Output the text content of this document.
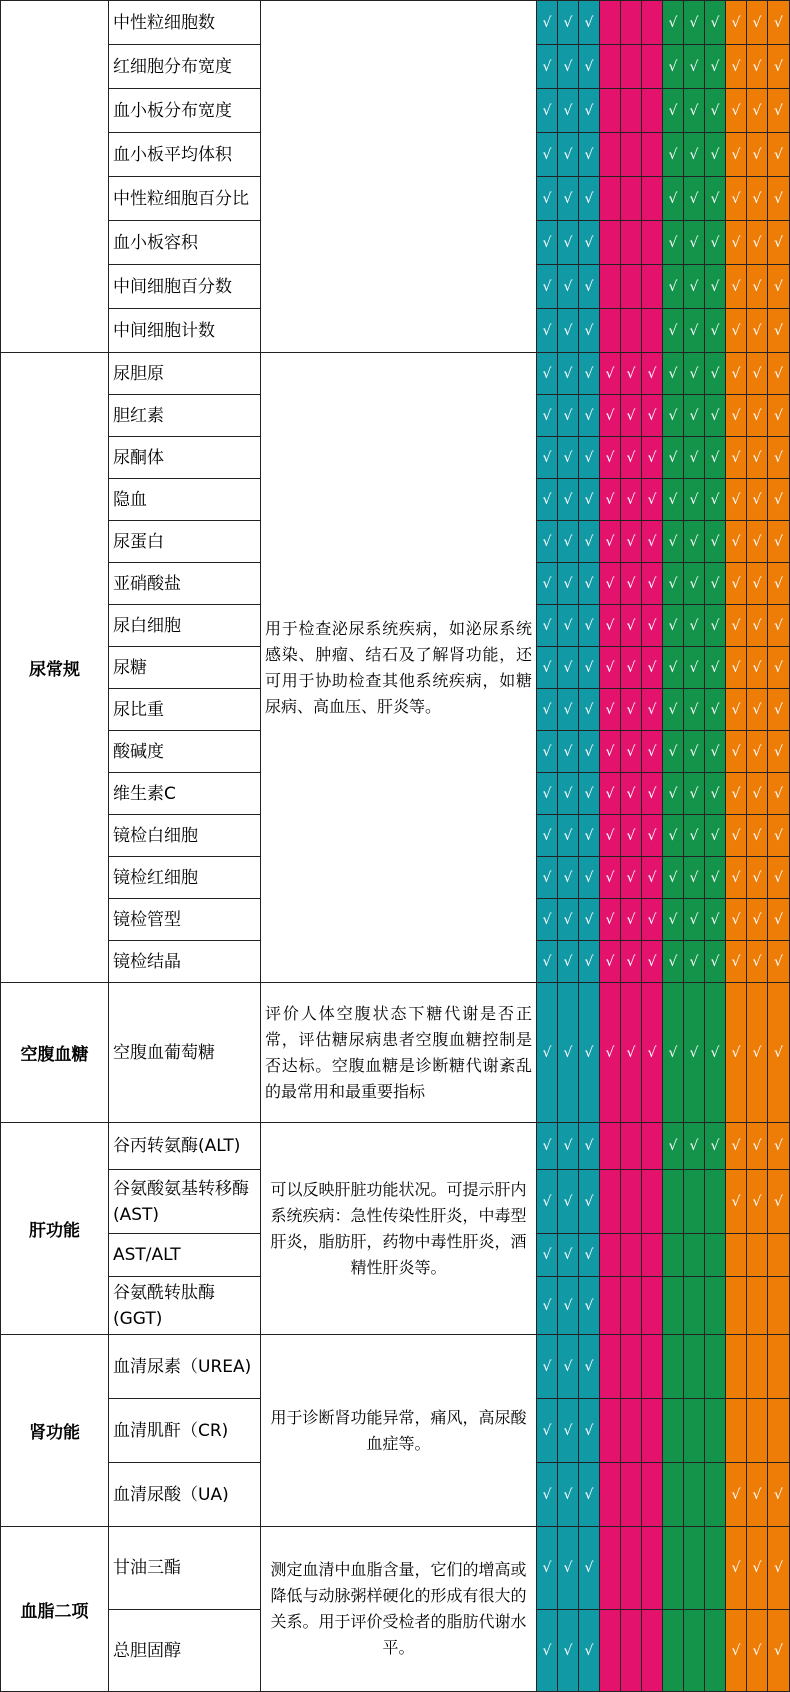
	中性粒细胞数		√	√	√				√	√	√	√	√	√
	红细胞分布宽度		√	√	√				√	√	√	√	√	√
	血小板分布宽度		√	√	√				√	√	√	√	√	√
	血小板平均体积		√	√	√				√	√	√	√	√	√
	中性粒细胞百分比		√	√	√				√	√	√	√	√	√
	血小板容积		√	√	√				√	√	√	√	√	√
	中间细胞百分数		√	√	√				√	√	√	√	√	√
	中间细胞计数		√	√	√				√	√	√	√	√	√
尿常规	尿胆原	用于检查泌尿系统疾病，如泌尿系统感染、肿瘤、结石及了解肾功能，还可用于协助检查其他系统疾病，如糖尿病、高血压、肝炎等。	√	√	√	√	√	√	√	√	√	√	√	√
	胆红素		√	√	√	√	√	√	√	√	√	√	√	√
	尿酮体		√	√	√	√	√	√	√	√	√	√	√	√
	隐血		√	√	√	√	√	√	√	√	√	√	√	√
	尿蛋白		√	√	√	√	√	√	√	√	√	√	√	√
	亚硝酸盐		√	√	√	√	√	√	√	√	√	√	√	√
	尿白细胞		√	√	√	√	√	√	√	√	√	√	√	√
	尿糖		√	√	√	√	√	√	√	√	√	√	√	√
	尿比重		√	√	√	√	√	√	√	√	√	√	√	√
	酸碱度		√	√	√	√	√	√	√	√	√	√	√	√
	维生素C		√	√	√	√	√	√	√	√	√	√	√	√
	镜检白细胞		√	√	√	√	√	√	√	√	√	√	√	√
	镜检红细胞		√	√	√	√	√	√	√	√	√	√	√	√
	镜检管型		√	√	√	√	√	√	√	√	√	√	√	√
	镜检结晶		√	√	√	√	√	√	√	√	√	√	√	√
空腹血糖	空腹血葡萄糖	评价人体空腹状态下糖代谢是否正常，评估糖尿病患者空腹血糖控制是否达标。空腹血糖是诊断糖代谢紊乱的最常用和最重要指标	√	√	√	√	√	√	√	√	√	√	√	√
肝功能	谷丙转氨酶(ALT)	可以反映肝脏功能状况。可提示肝内系统疾病：急性传染性肝炎，中毒型肝炎，脂肪肝，药物中毒性肝炎，酒精性肝炎等。	√	√	√				√	√	√	√	√	√
	谷氨酸氨基转移酶(AST)		√	√	√							√	√	√
	AST/ALT		√	√	√									
	谷氨酰转肽酶(GGT)		√	√	√									
肾功能	血清尿素（UREA)	用于诊断肾功能异常，痛风，高尿酸血症等。	√	√	√									
	血清肌酐（CR)		√	√	√									
	血清尿酸（UA)		√	√	√							√	√	√
血脂二项	甘油三酯	测定血清中血脂含量，它们的增高或降低与动脉粥样硬化的形成有很大的关系。用于评价受检者的脂肪代谢水平。	√	√	√							√	√	√
	总胆固醇		√	√	√							√	√	√
